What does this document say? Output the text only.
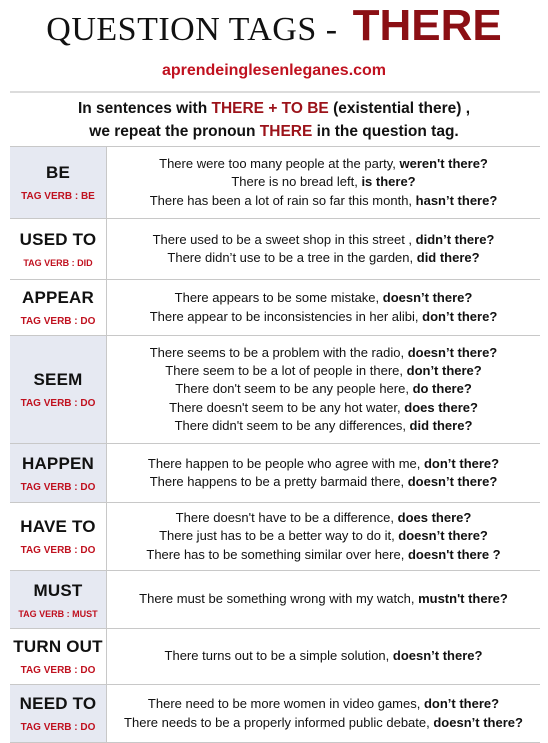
QUESTION TAGS - THERE
aprendeinglesenleganes.com
In sentences with THERE + TO BE (existential there) ,
we repeat the pronoun THERE in the question tag.
BE
TAG VERB : BE
There were too many people at the party, weren't there?
There is no bread left, is there?
There has been a lot of rain so far this month, hasn’t there?
USED TO
TAG VERB : DID
There used to be a sweet shop in this street , didn’t there?
There didn’t use to be a tree in the garden, did there?
APPEAR
TAG VERB : DO
There appears to be some mistake, doesn’t there?
There appear to be inconsistencies in her alibi, don’t there?
SEEM
TAG VERB : DO
There seems to be a problem with the radio, doesn’t there?
There seem to be a lot of people in there, don’t there?
There don't seem to be any people here, do there?
There doesn't seem to be any hot water, does there?
There didn't seem to be any differences, did there?
HAPPEN
TAG VERB : DO
There happen to be people who agree with me, don’t there?
There happens to be a pretty barmaid there, doesn’t there?
HAVE TO
TAG VERB : DO
There doesn't have to be a difference, does there?
There just has to be a better way to do it, doesn’t there?
There has to be something similar over here, doesn't there ?
MUST
TAG VERB : MUST
There must be something wrong with my watch, mustn't there?
TURN OUT
TAG VERB : DO
There turns out to be a simple solution, doesn’t there?
NEED TO
TAG VERB : DO
There need to be more women in video games, don’t there?
There needs to be a properly informed public debate, doesn’t there?
